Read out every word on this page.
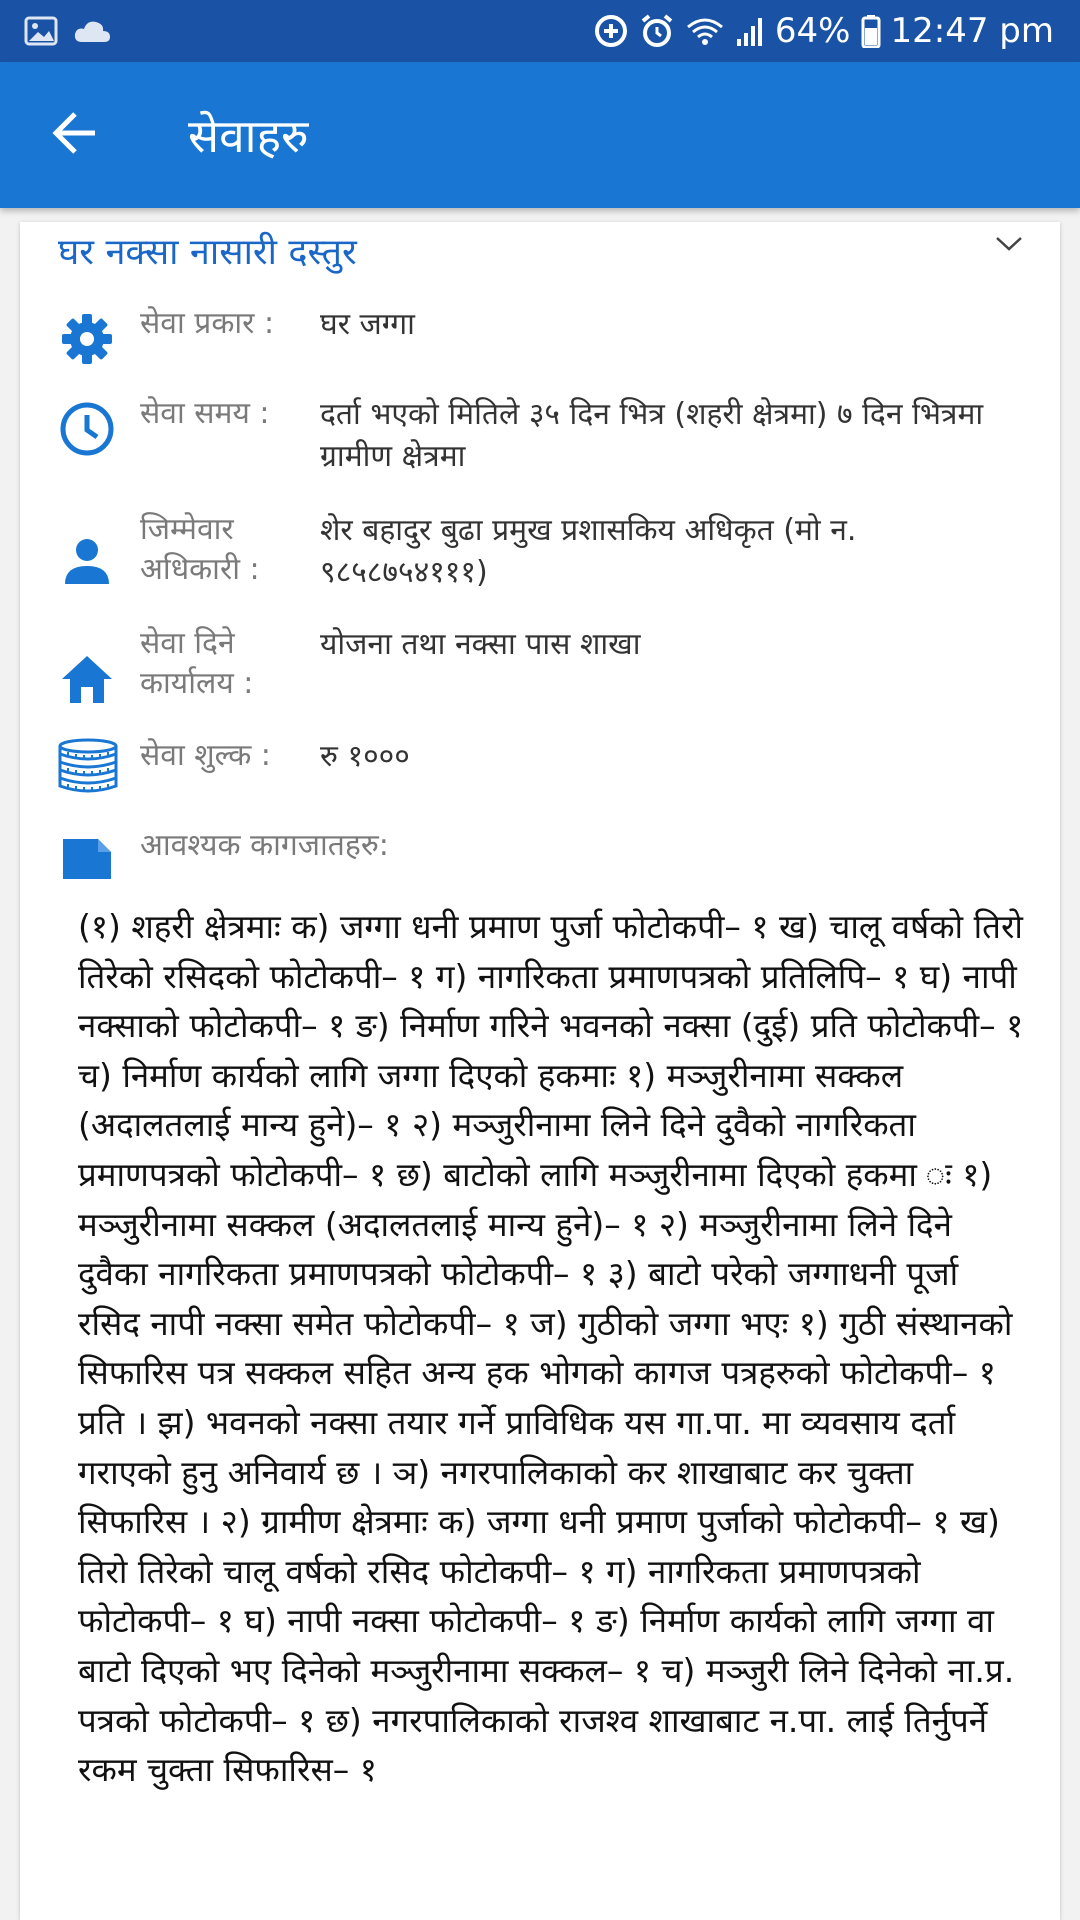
64% 12:47 pm
सेवाहरु
घर नक्सा नासारी दस्तुर
सेवा प्रकार :	घर जग्गा
सेवा समय :	दर्ता भएको मितिले ३५ दिन भित्र (शहरी क्षेत्रमा) ७ दिन भित्रमा ग्रामीण क्षेत्रमा
जिम्मेवार अधिकारी :
शेर बहादुर बुढा प्रमुख प्रशासकिय अधिकृत (मो न. ९८५८७५४१११)
सेवा दिने कार्यालय :
योजना तथा नक्सा पास शाखा
सेवा शुल्क :	रु १०००
आवश्यक कागजातहरु:
(१) शहरी क्षेत्रमाः क) जग्गा धनी प्रमाण पुर्जा फोटोकपी– १ ख) चालू वर्षको तिरो तिरेको रसिदको फोटोकपी– १ ग) नागरिकता प्रमाणपत्रको प्रतिलिपि– १ घ) नापी नक्साको फोटोकपी– १ ङ) निर्माण गरिने भवनको नक्सा (दुई) प्रति फोटोकपी– १ च) निर्माण कार्यको लागि जग्गा दिएको हकमाः १) मञ्जुरीनामा सक्कल (अदालतलाई मान्य हुने)– १ २) मञ्जुरीनामा लिने दिने दुवैको नागरिकता प्रमाणपत्रको फोटोकपी– १ छ) बाटोको लागि मञ्जुरीनामा दिएको हकमा ः १) मञ्जुरीनामा सक्कल (अदालतलाई मान्य हुने)– १ २) मञ्जुरीनामा लिने दिने दुवैका नागरिकता प्रमाणपत्रको फोटोकपी– १ ३) बाटो परेको जग्गाधनी पूर्जा रसिद नापी नक्सा समेत फोटोकपी– १ ज) गुठीको जग्गा भएः १) गुठी संस्थानको सिफारिस पत्र सक्कल सहित अन्य हक भोगको कागज पत्रहरुको फोटोकपी– १ प्रति । झ) भवनको नक्सा तयार गर्ने प्राविधिक यस गा.पा. मा व्यवसाय दर्ता गराएको हुनु अनिवार्य छ । ञ) नगरपालिकाको कर शाखाबाट कर चुक्ता सिफारिस । २) ग्रामीण क्षेत्रमाः क) जग्गा धनी प्रमाण पुर्जाको फोटोकपी– १ ख) तिरो तिरेको चालू वर्षको रसिद फोटोकपी– १ ग) नागरिकता प्रमाणपत्रको फोटोकपी– १ घ) नापी नक्सा फोटोकपी– १ ङ) निर्माण कार्यको लागि जग्गा वा बाटो दिएको भए दिनेको मञ्जुरीनामा सक्कल– १ च) मञ्जुरी लिने दिनेको ना.प्र. पत्रको फोटोकपी– १ छ) नगरपालिकाको राजश्व शाखाबाट न.पा. लाई तिर्नुपर्ने रकम चुक्ता सिफारिस– १
